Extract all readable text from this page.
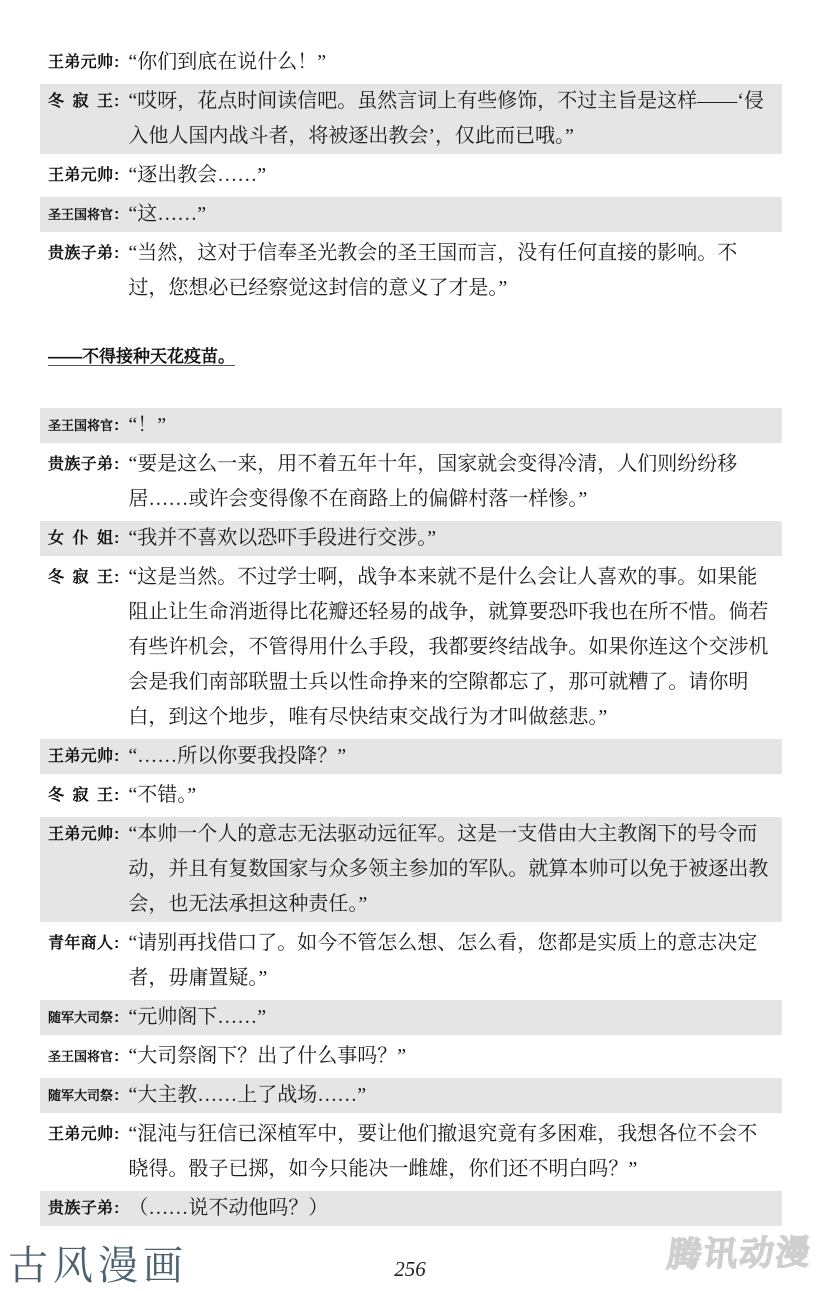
王弟元帅 : “你们到底在说什么！”
冬寂王 : “哎呀，花点时间读信吧。虽然言词上有些修饰，不过主旨是这样——‘侵入他人国内战斗者，将被逐出教会’，仅此而已哦。”
王弟元帅 : “逐出教会……”
圣王国将官 : “这……”
贵族子弟 : “当然，这对于信奉圣光教会的圣王国而言，没有任何直接的影响。不过，您想必已经察觉这封信的意义了才是。”
——不得接种天花疫苗。
圣王国将官 : “！”
贵族子弟 : “要是这么一来，用不着五年十年，国家就会变得冷清，人们则纷纷移居……或许会变得像不在商路上的偏僻村落一样惨。”
女仆姐 : “我并不喜欢以恐吓手段进行交涉。”
冬寂王 : “这是当然。不过学士啊，战争本来就不是什么会让人喜欢的事。如果能阻止让生命消逝得比花瓣还轻易的战争，就算要恐吓我也在所不惜。倘若有些许机会，不管得用什么手段，我都要终结战争。如果你连这个交涉机会是我们南部联盟士兵以性命挣来的空隙都忘了，那可就糟了。请你明白，到这个地步，唯有尽快结束交战行为才叫做慈悲。”
王弟元帅 : “……所以你要我投降？”
冬寂王 : “不错。”
王弟元帅 : “本帅一个人的意志无法驱动远征军。这是一支借由大主教阁下的号令而动，并且有复数国家与众多领主参加的军队。就算本帅可以免于被逐出教会，也无法承担这种责任。”
青年商人 : “请别再找借口了。如今不管怎么想、怎么看，您都是实质上的意志决定者，毋庸置疑。”
随军大司祭 : “元帅阁下……”
圣王国将官 : “大司祭阁下？出了什么事吗？”
随军大司祭 : “大主教……上了战场……”
王弟元帅 : “混沌与狂信已深植军中，要让他们撤退究竟有多困难，我想各位不会不晓得。骰子已掷，如今只能决一雌雄，你们还不明白吗？”
贵族子弟 : （……说不动他吗？）
古风漫画	256	腾讯动漫
